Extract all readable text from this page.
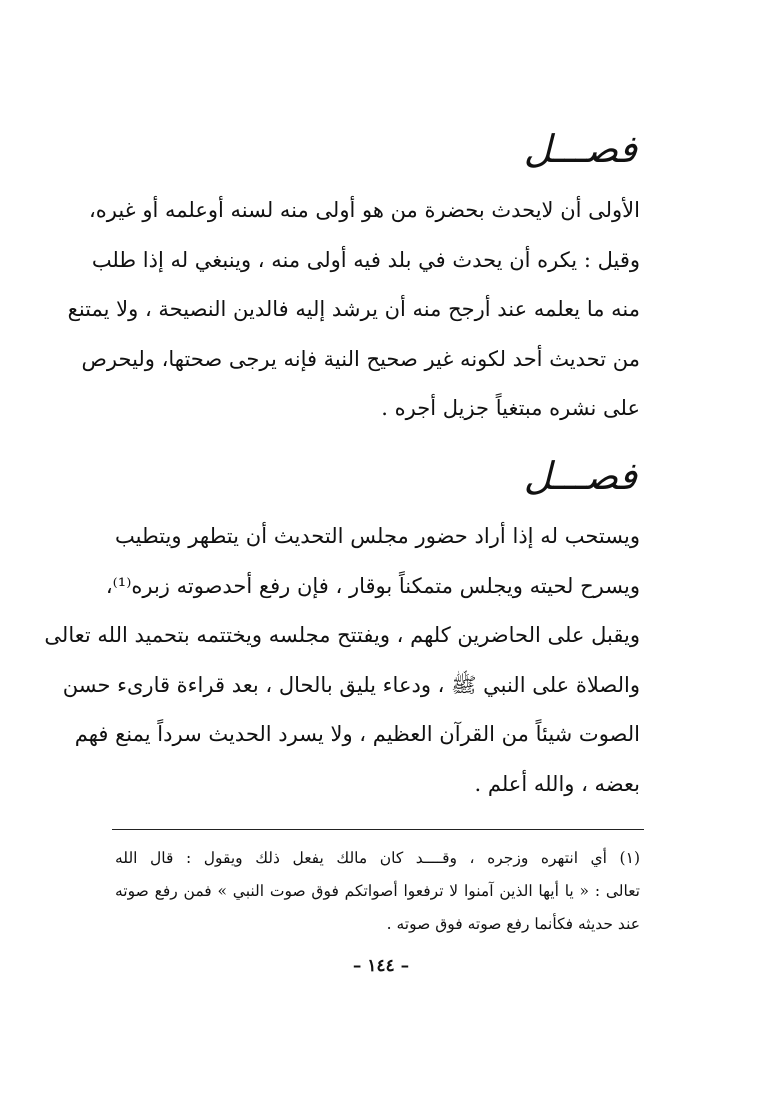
فصـــل

الأولى أن لايحدث بحضرة من هو أولى منه لسنه أوعلمه أو غيره،
وقيل : يكره أن يحدث في بلد فيه أولى منه ، وينبغي له إذا طلب
منه ما يعلمه عند أرجح منه أن يرشد إليه فالدين النصيحة ، ولا يمتنع
من تحديث أحد لكونه غير صحيح النية فإنه يرجى صحتها، وليحرص
على نشره مبتغياً جزيل أجره .

فصـــل

ويستحب له إذا أراد حضور مجلس التحديث أن يتطهر ويتطيب
ويسرح لحيته ويجلس متمكناً بوقار ، فإن رفع أحدصوته زبره⁽¹⁾،
ويقبل على الحاضرين كلهم ، ويفتتح مجلسه ويختتمه بتحميد الله تعالى
والصلاة على النبي ﷺ ، ودعاء يليق بالحال ، بعد قراءة قارىء حسن
الصوت شيئاً من القرآن العظيم ، ولا يسرد الحديث سرداً يمنع فهم
بعضه ، والله أعلم .

(١) أي انتهره وزجره ، وقــــد كان مالك يفعل ذلك ويقول : قال الله
تعالى : « يا أيها الذين آمنوا لا ترفعوا أصواتكم فوق صوت النبي » فمن رفع صوته
عند حديثه فكأنما رفع صوته فوق صوته .

– ١٤٤ –
